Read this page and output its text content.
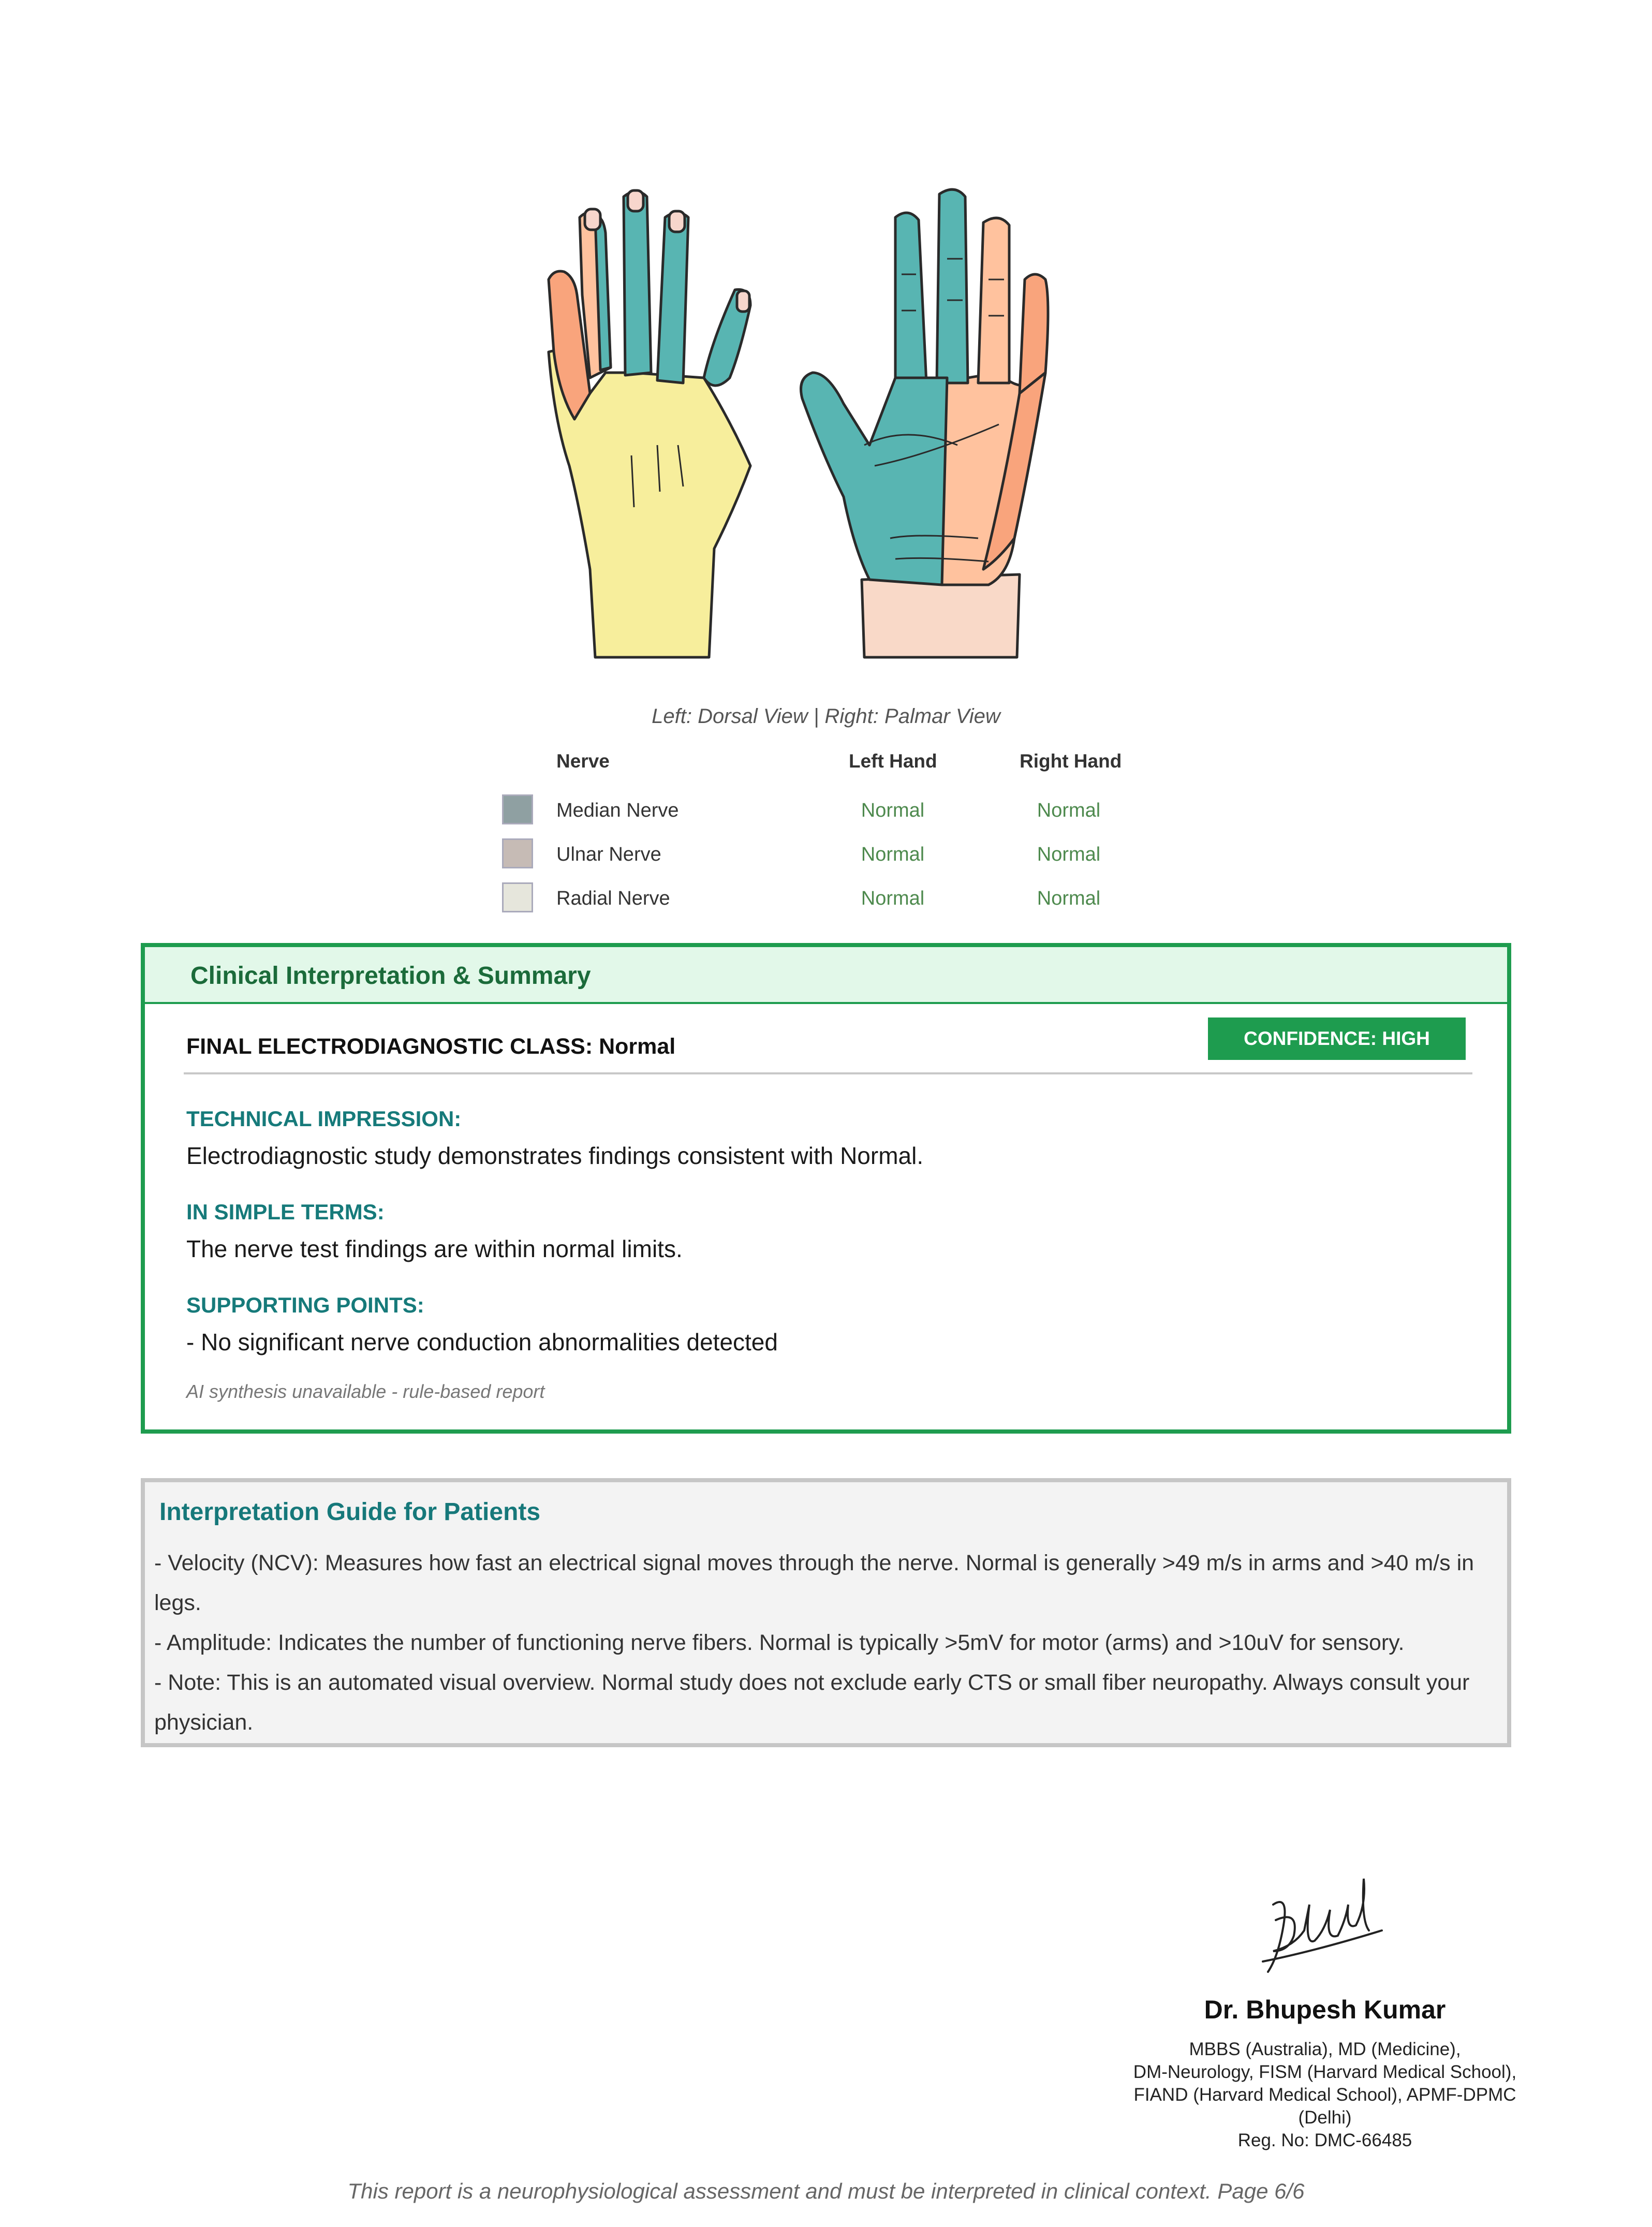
Left: Dorsal View | Right: Palmar View
Nerve	Left Hand	Right Hand
Median Nerve	Normal	Normal
Ulnar Nerve	Normal	Normal
Radial Nerve	Normal	Normal
Clinical Interpretation & Summary
FINAL ELECTRODIAGNOSTIC CLASS: Normal	CONFIDENCE: HIGH
TECHNICAL IMPRESSION:
Electrodiagnostic study demonstrates findings consistent with Normal.
IN SIMPLE TERMS:
The nerve test findings are within normal limits.
SUPPORTING POINTS:
- No significant nerve conduction abnormalities detected
AI synthesis unavailable - rule-based report
Interpretation Guide for Patients
- Velocity (NCV): Measures how fast an electrical signal moves through the nerve. Normal is generally >49 m/s in arms and >40 m/s in legs.
- Amplitude: Indicates the number of functioning nerve fibers. Normal is typically >5mV for motor (arms) and >10uV for sensory.
- Note: This is an automated visual overview. Normal study does not exclude early CTS or small fiber neuropathy. Always consult your physician.
Dr. Bhupesh Kumar
MBBS (Australia), MD (Medicine),
DM-Neurology, FISM (Harvard Medical School),
FIAND (Harvard Medical School), APMF-DPMC
(Delhi)
Reg. No: DMC-66485
This report is a neurophysiological assessment and must be interpreted in clinical context. Page 6/6
